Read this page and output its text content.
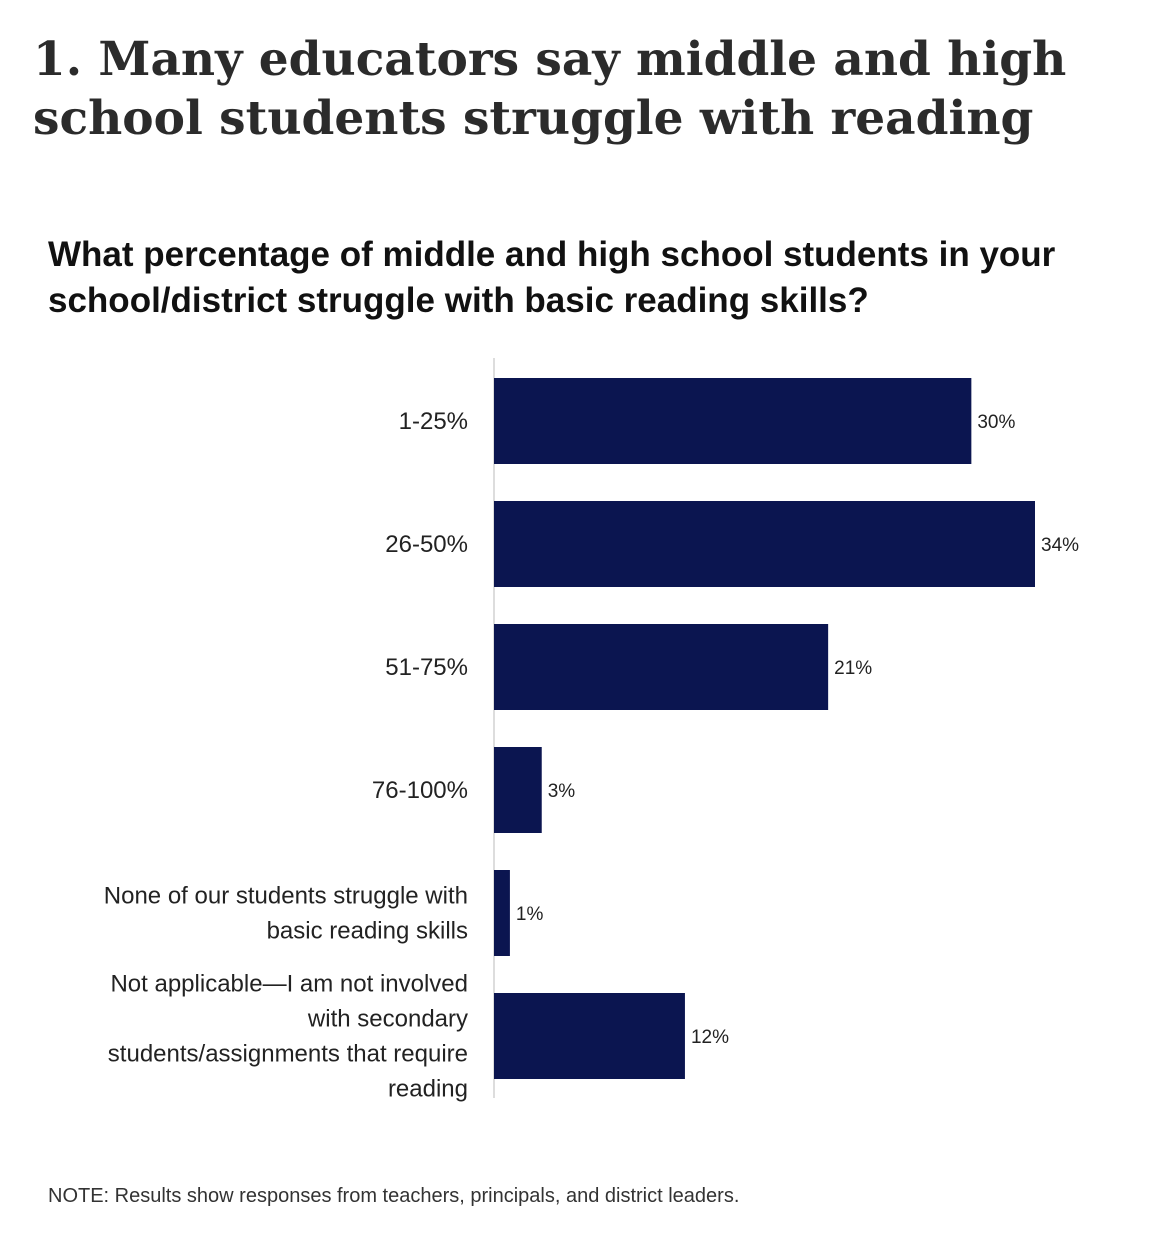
1. Many educators say middle and high school students struggle with reading
What percentage of middle and high school students in your school/district struggle with basic reading skills?
30%
1-25%
34%
26-50%
21%
51-75%
3%
76-100%
1%
None of our students struggle with basic reading skills
12%
Not applicable—I am not involved with secondary students/assignments that require reading

NOTE: Results show responses from teachers, principals, and district leaders.
